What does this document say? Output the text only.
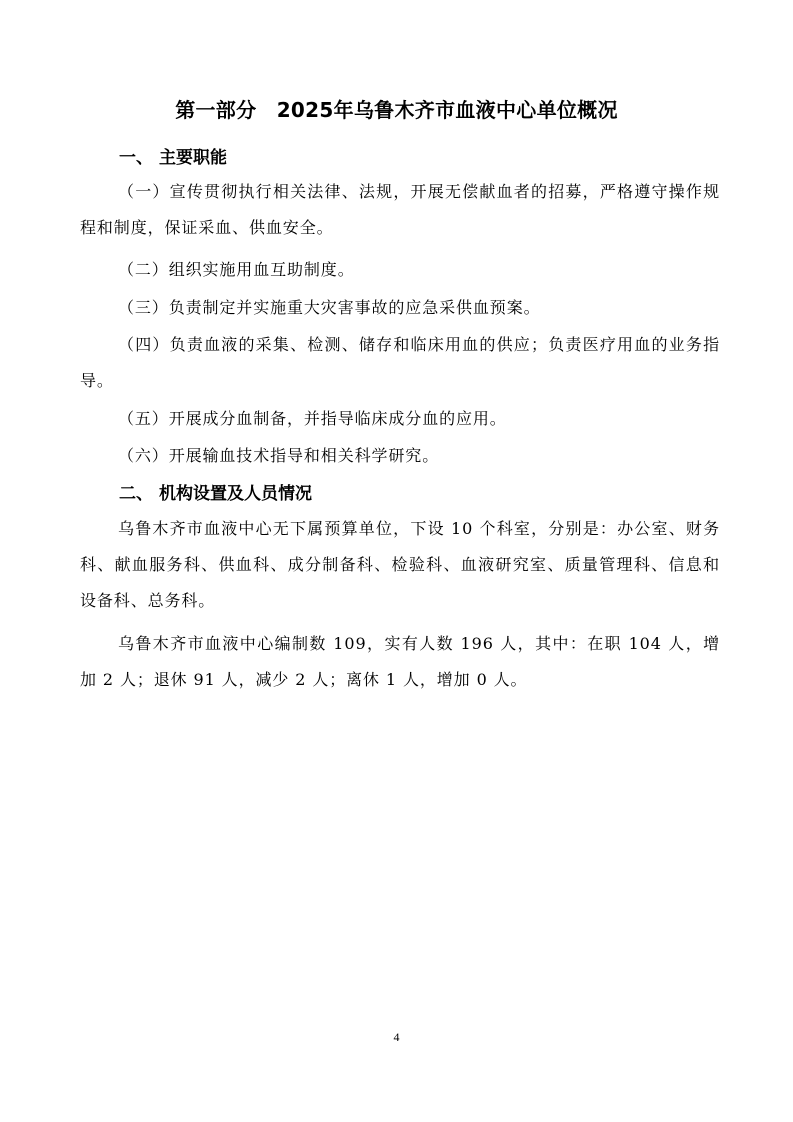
第一部分　2025年乌鲁木齐市血液中心单位概况
一、 主要职能
（一）宣传贯彻执行相关法律、法规，开展无偿献血者的招募，严格遵守操作规程和制度，保证采血、供血安全。
（二）组织实施用血互助制度。
（三）负责制定并实施重大灾害事故的应急采供血预案。
（四）负责血液的采集、检测、储存和临床用血的供应；负责医疗用血的业务指导。
（五）开展成分血制备，并指导临床成分血的应用。
（六）开展输血技术指导和相关科学研究。
二、 机构设置及人员情况
乌鲁木齐市血液中心无下属预算单位，下设 10 个科室，分别是：办公室、财务科、献血服务科、供血科、成分制备科、检验科、血液研究室、质量管理科、信息和设备科、总务科。
乌鲁木齐市血液中心编制数 109，实有人数 196 人，其中：在职 104 人，增加 2 人；退休 91 人，减少 2 人；离休 1 人，增加 0 人。
4
